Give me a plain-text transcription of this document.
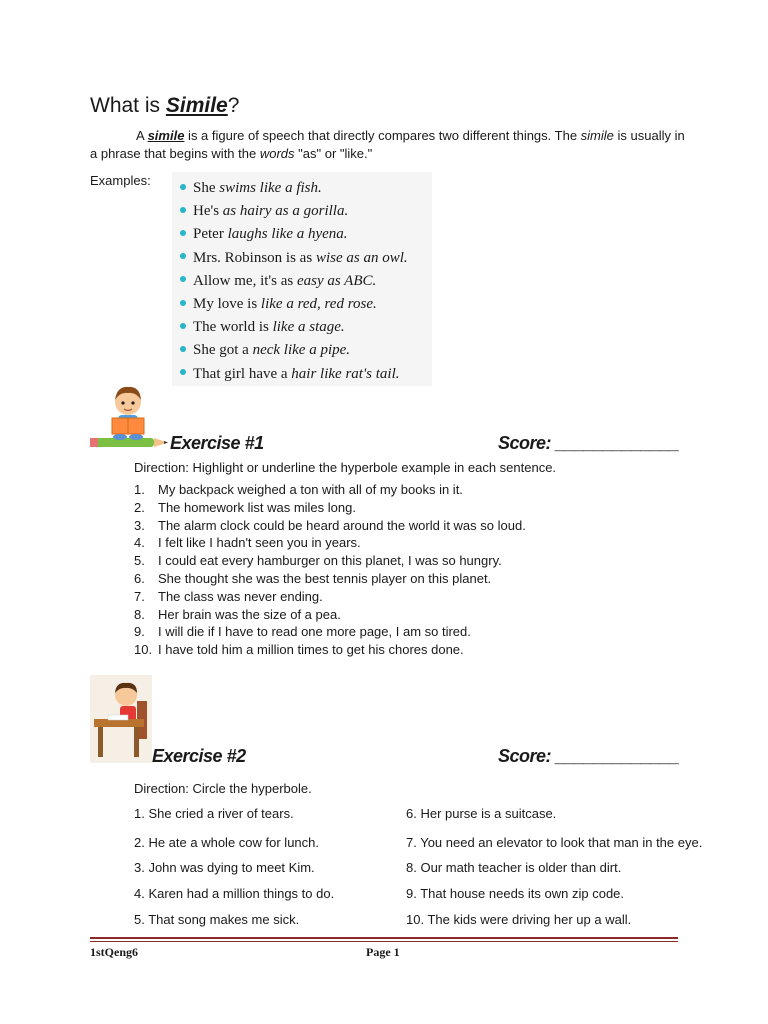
What is Simile?
A simile is a figure of speech that directly compares two different things. The simile is usually in a phrase that begins with the words "as" or "like."
Examples:	She swims like a fish.
He's as hairy as a gorilla.
Peter laughs like a hyena.
Mrs. Robinson is as wise as an owl.
Allow me, it's as easy as ABC.
My love is like a red, red rose.
The world is like a stage.
She got a neck like a pipe.
That girl have a hair like rat's tail.
Exercise #1	Score: _____________
Direction: Highlight or underline the hyperbole example in each sentence.
1. My backpack weighed a ton with all of my books in it.
2. The homework list was miles long.
3. The alarm clock could be heard around the world it was so loud.
4. I felt like I hadn't seen you in years.
5. I could eat every hamburger on this planet, I was so hungry.
6. She thought she was the best tennis player on this planet.
7. The class was never ending.
8. Her brain was the size of a pea.
9. I will die if I have to read one more page, I am so tired.
10. I have told him a million times to get his chores done.
Exercise #2	Score: _____________
Direction: Circle the hyperbole.
1. She cried a river of tears.
2. He ate a whole cow for lunch.
3. John was dying to meet Kim.
4. Karen had a million things to do.
5. That song makes me sick.
6. Her purse is a suitcase.
7. You need an elevator to look that man in the eye.
8. Our math teacher is older than dirt.
9. That house needs its own zip code.
10. The kids were driving her up a wall.
1stQeng6	Page 1
